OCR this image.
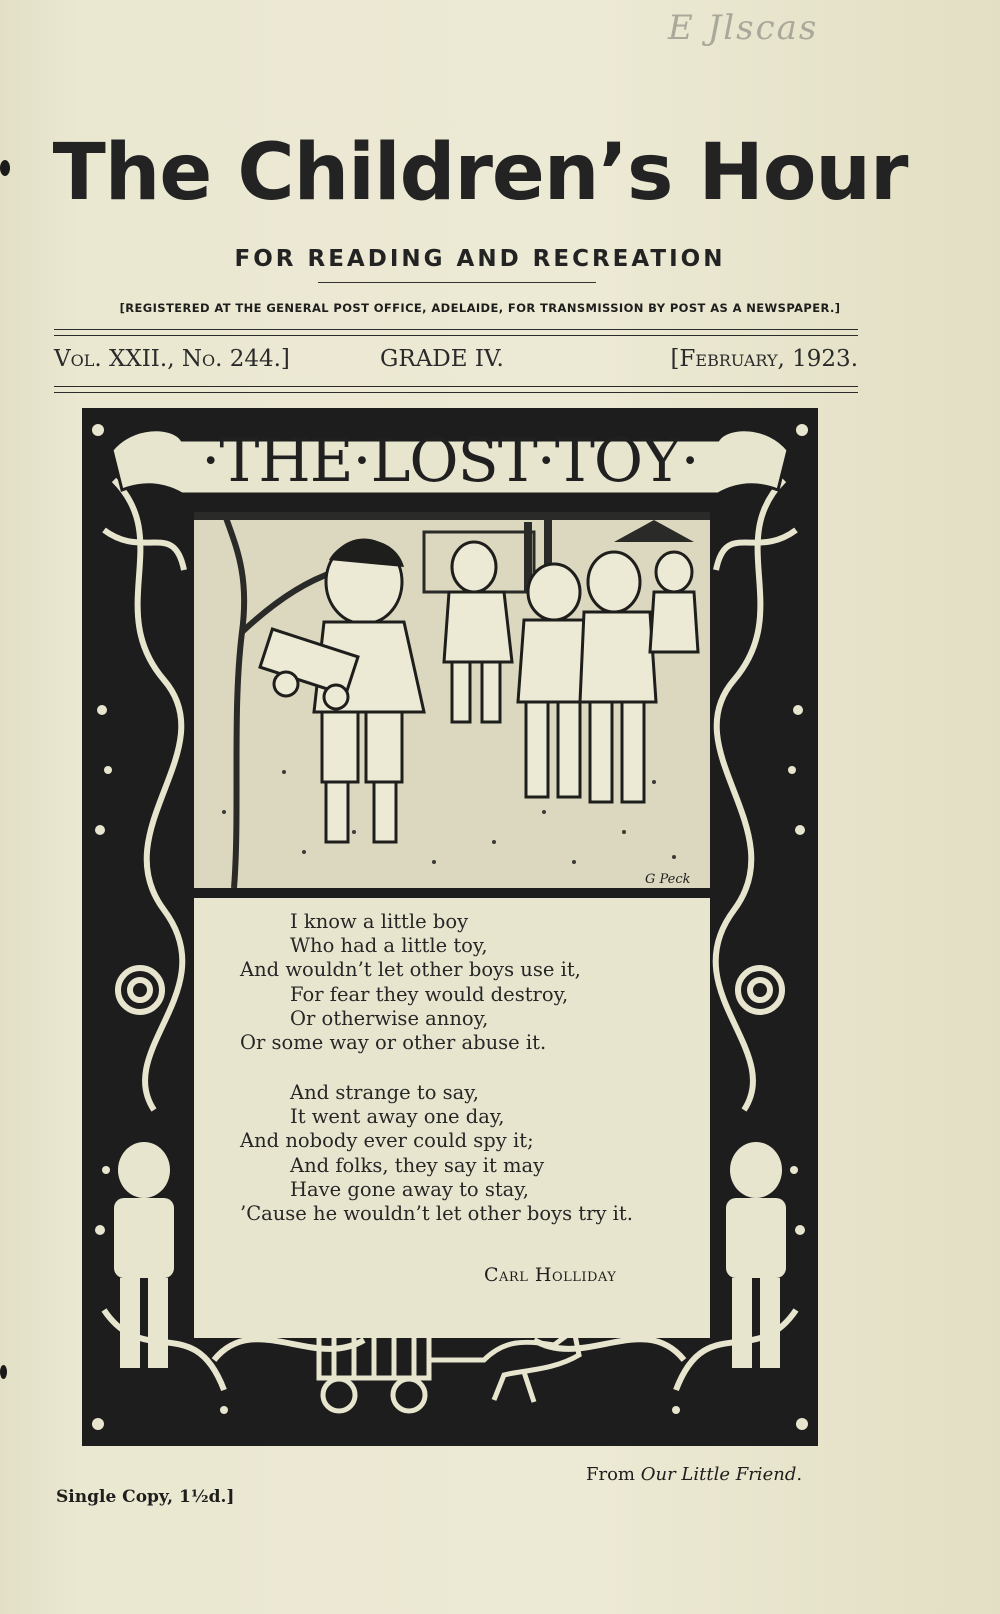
E Jlscas
The Children’s Hour
FOR READING AND RECREATION
[REGISTERED AT THE GENERAL POST OFFICE, ADELAIDE, FOR TRANSMISSION BY POST AS A NEWSPAPER.]
Vol. XXII., No. 244.]	GRADE IV.	[February, 1923.
·THE·LOST·TOY·
G Peck
I know a little boy
Who had a little toy,
And wouldn’t let other boys use it,
For fear they would destroy,
Or otherwise annoy,
Or some way or other abuse it.
And strange to say,
It went away one day,
And nobody ever could spy it;
And folks, they say it may
Have gone away to stay,
’Cause he wouldn’t let other boys try it.
Carl Holliday
From Our Little Friend.
Single Copy, 1½d.]
